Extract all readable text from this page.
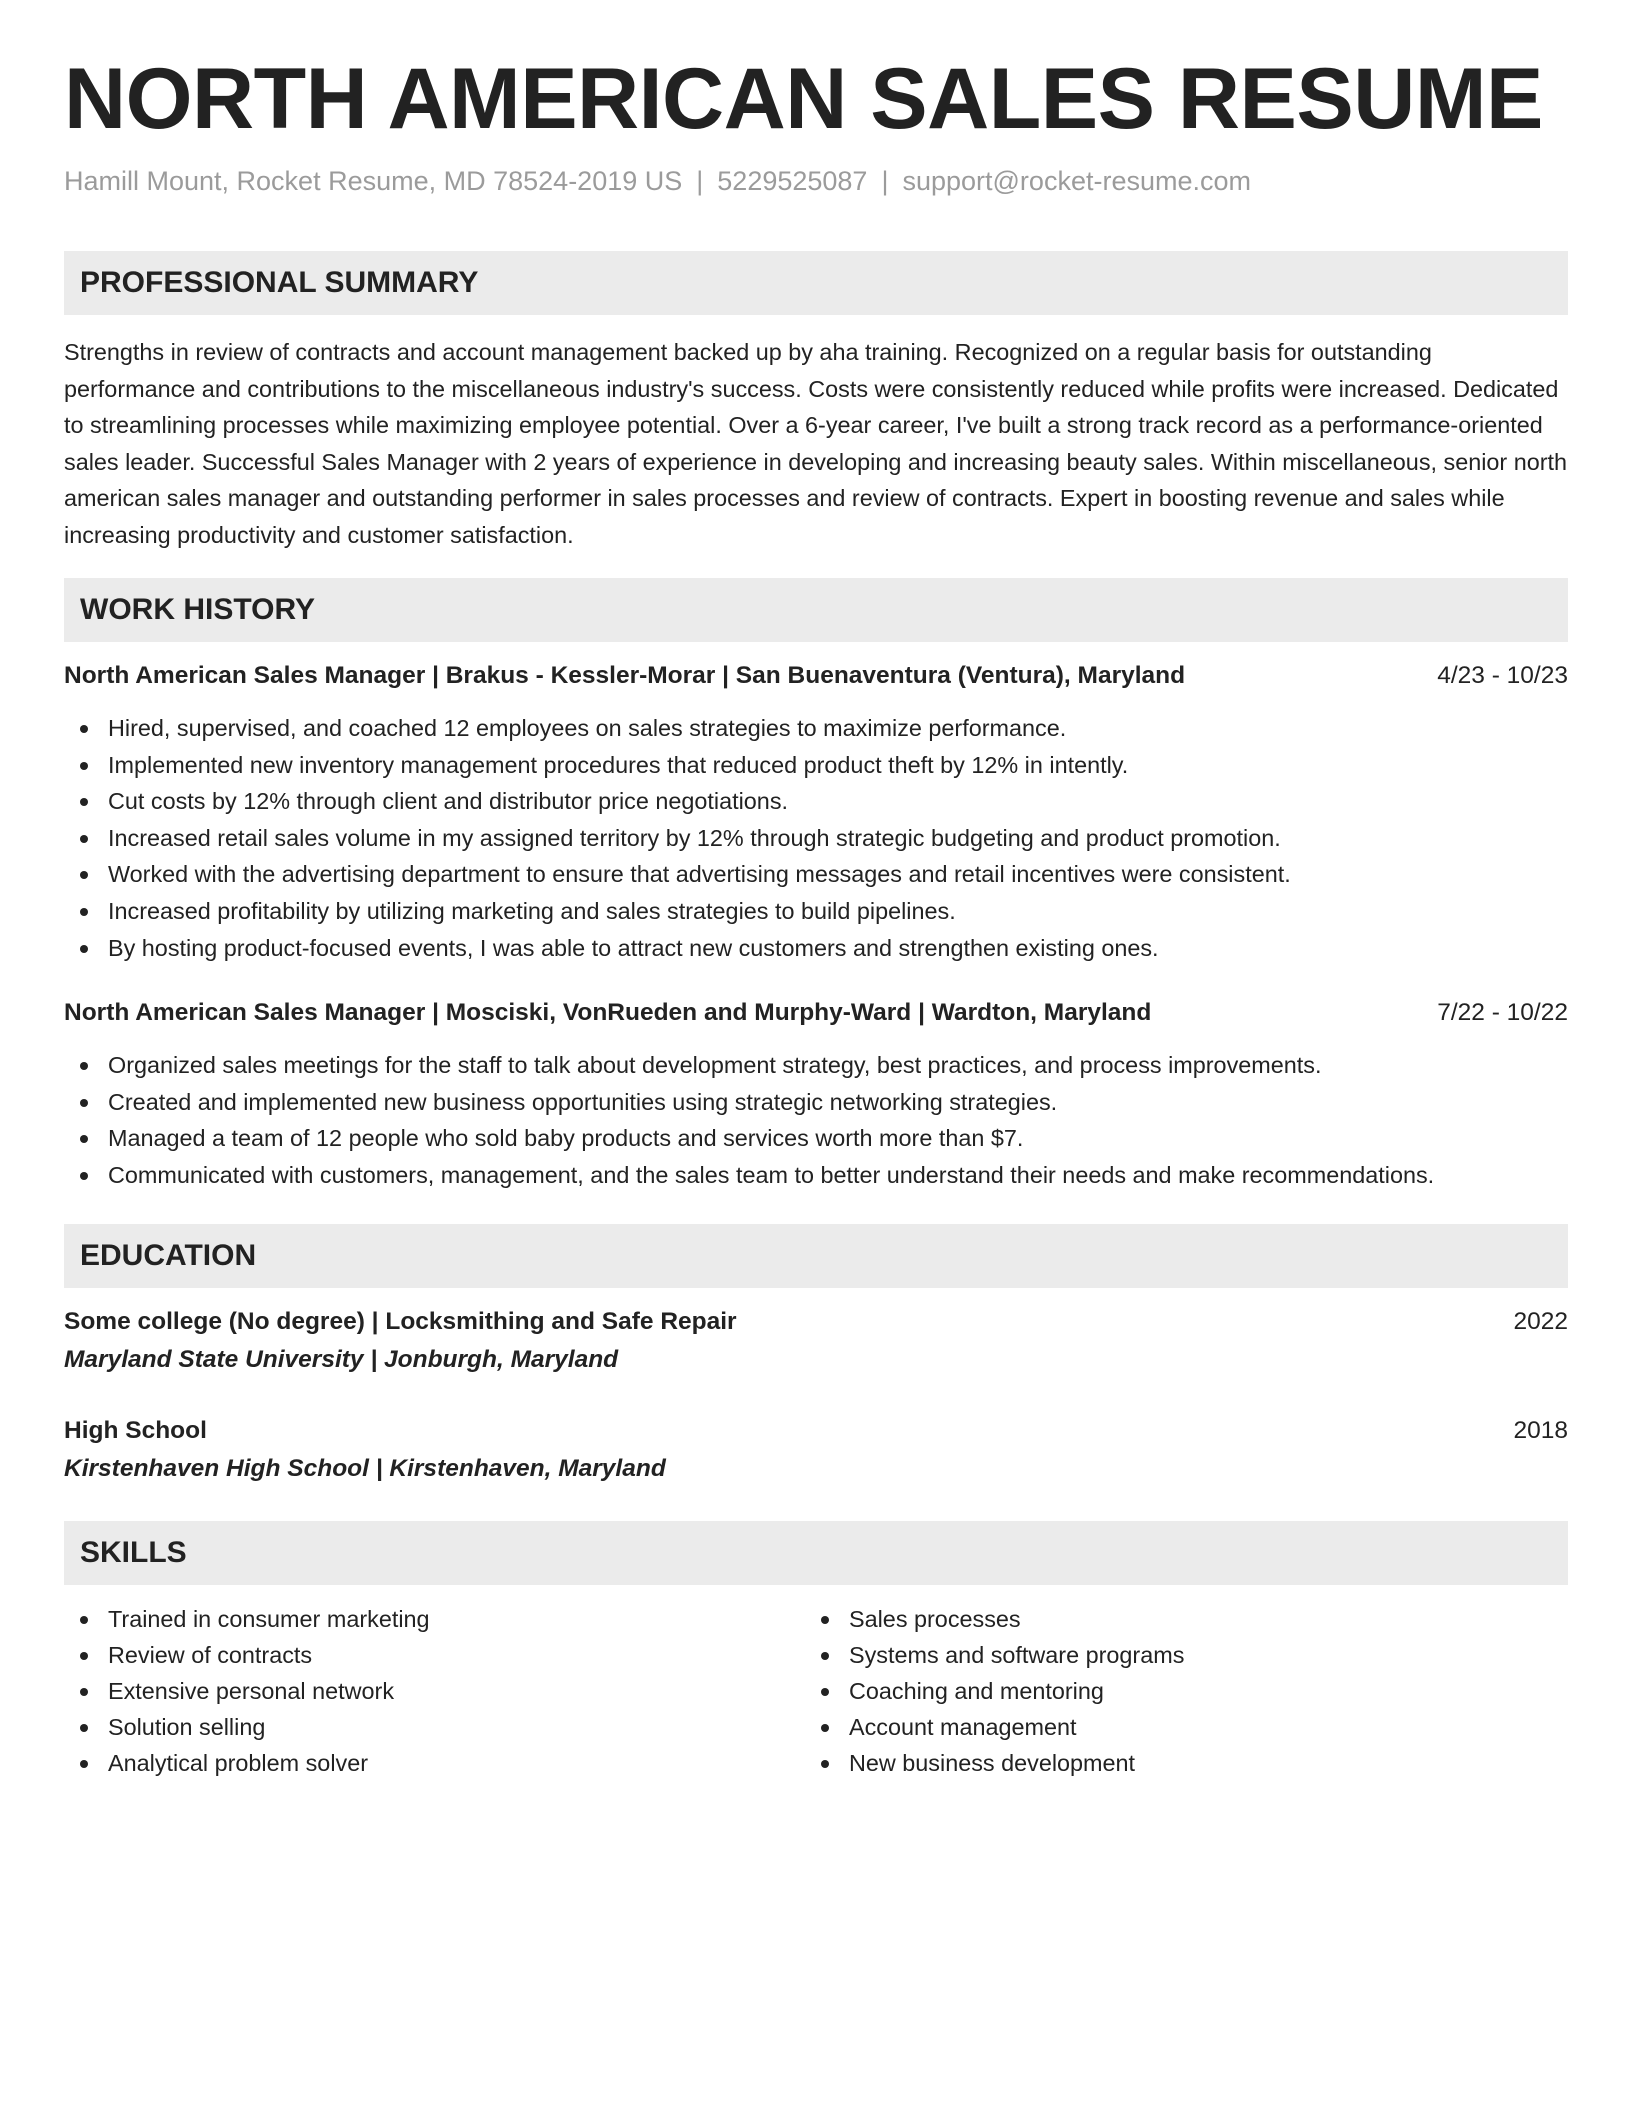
NORTH AMERICAN SALES RESUME
Hamill Mount, Rocket Resume, MD 78524-2019 US | 5229525087 | support@rocket-resume.com
PROFESSIONAL SUMMARY

Strengths in review of contracts and account management backed up by aha training. Recognized on a regular basis for outstanding performance and contributions to the miscellaneous industry's success. Costs were consistently reduced while profits were increased. Dedicated to streamlining processes while maximizing employee potential. Over a 6-year career, I've built a strong track record as a performance-oriented sales leader. Successful Sales Manager with 2 years of experience in developing and increasing beauty sales. Within miscellaneous, senior north american sales manager and outstanding performer in sales processes and review of contracts. Expert in boosting revenue and sales while increasing productivity and customer satisfaction.

WORK HISTORY
North American Sales Manager | Brakus - Kessler-Morar | San Buenaventura (Ventura), Maryland	4/23 - 10/23
Hired, supervised, and coached 12 employees on sales strategies to maximize performance.
Implemented new inventory management procedures that reduced product theft by 12% in intently.
Cut costs by 12% through client and distributor price negotiations.
Increased retail sales volume in my assigned territory by 12% through strategic budgeting and product promotion.
Worked with the advertising department to ensure that advertising messages and retail incentives were consistent.
Increased profitability by utilizing marketing and sales strategies to build pipelines.
By hosting product-focused events, I was able to attract new customers and strengthen existing ones.
North American Sales Manager | Mosciski, VonRueden and Murphy-Ward | Wardton, Maryland	7/22 - 10/22
Organized sales meetings for the staff to talk about development strategy, best practices, and process improvements.
Created and implemented new business opportunities using strategic networking strategies.
Managed a team of 12 people who sold baby products and services worth more than $7.
Communicated with customers, management, and the sales team to better understand their needs and make recommendations.
EDUCATION
Some college (No degree) | Locksmithing and Safe Repair	2022
Maryland State University | Jonburgh, Maryland
High School	2018
Kirstenhaven High School | Kirstenhaven, Maryland
SKILLS
Trained in consumer marketing
Review of contracts
Extensive personal network
Solution selling
Analytical problem solver
Sales processes
Systems and software programs
Coaching and mentoring
Account management
New business development
